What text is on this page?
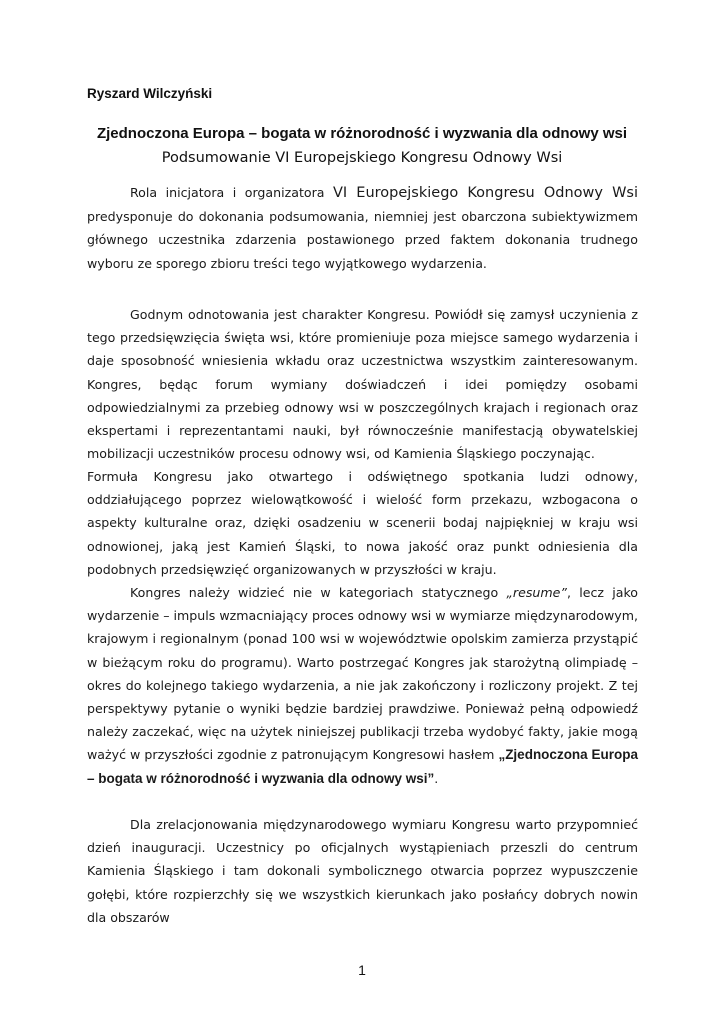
Ryszard Wilczyński
Zjednoczona Europa – bogata w różnorodność i wyzwania dla odnowy wsi
Podsumowanie VI Europejskiego Kongresu Odnowy Wsi

Rola inicjatora i organizatora VI Europejskiego Kongresu Odnowy Wsi predysponuje do dokonania podsumowania, niemniej jest obarczona subiektywizmem głównego uczestnika zdarzenia postawionego przed faktem dokonania trudnego wyboru ze sporego zbioru treści tego wyjątkowego wydarzenia.

Godnym odnotowania jest charakter Kongresu. Powiódł się zamysł uczynienia z tego przedsięwzięcia święta wsi, które promieniuje poza miejsce samego wydarzenia i daje sposobność wniesienia wkładu oraz uczestnictwa wszystkim zainteresowanym. Kongres, będąc forum wymiany doświadczeń i idei pomiędzy osobami odpowiedzialnymi za przebieg odnowy wsi w poszczególnych krajach i regionach oraz ekspertami i reprezentantami nauki, był równocześnie manifestacją obywatelskiej mobilizacji uczestników procesu odnowy wsi, od Kamienia Śląskiego poczynając.

Formuła Kongresu jako otwartego i odświętnego spotkania ludzi odnowy, oddziałującego poprzez wielowątkowość i wielość form przekazu, wzbogacona o aspekty kulturalne oraz, dzięki osadzeniu w scenerii bodaj najpiękniej w kraju wsi odnowionej, jaką jest Kamień Śląski, to nowa jakość oraz punkt odniesienia dla podobnych przedsięwzięć organizowanych w przyszłości w kraju.

Kongres należy widzieć nie w kategoriach statycznego „resume”, lecz jako wydarzenie – impuls wzmacniający proces odnowy wsi w wymiarze międzynarodowym, krajowym i regionalnym (ponad 100 wsi w województwie opolskim zamierza przystąpić w bieżącym roku do programu). Warto postrzegać Kongres jak starożytną olimpiadę – okres do kolejnego takiego wydarzenia, a nie jak zakończony i rozliczony projekt. Z tej perspektywy pytanie o wyniki będzie bardziej prawdziwe. Ponieważ pełną odpowiedź należy zaczekać, więc na użytek niniejszej publikacji trzeba wydobyć fakty, jakie mogą ważyć w przyszłości zgodnie z patronującym Kongresowi hasłem „Zjednoczona Europa – bogata w różnorodność i wyzwania dla odnowy wsi”.

Dla zrelacjonowania międzynarodowego wymiaru Kongresu warto przypomnieć dzień inauguracji. Uczestnicy po oficjalnych wystąpieniach przeszli do centrum Kamienia Śląskiego i tam dokonali symbolicznego otwarcia poprzez wypuszczenie gołębi, które rozpierzchły się we wszystkich kierunkach jako posłańcy dobrych nowin dla obszarów

1
